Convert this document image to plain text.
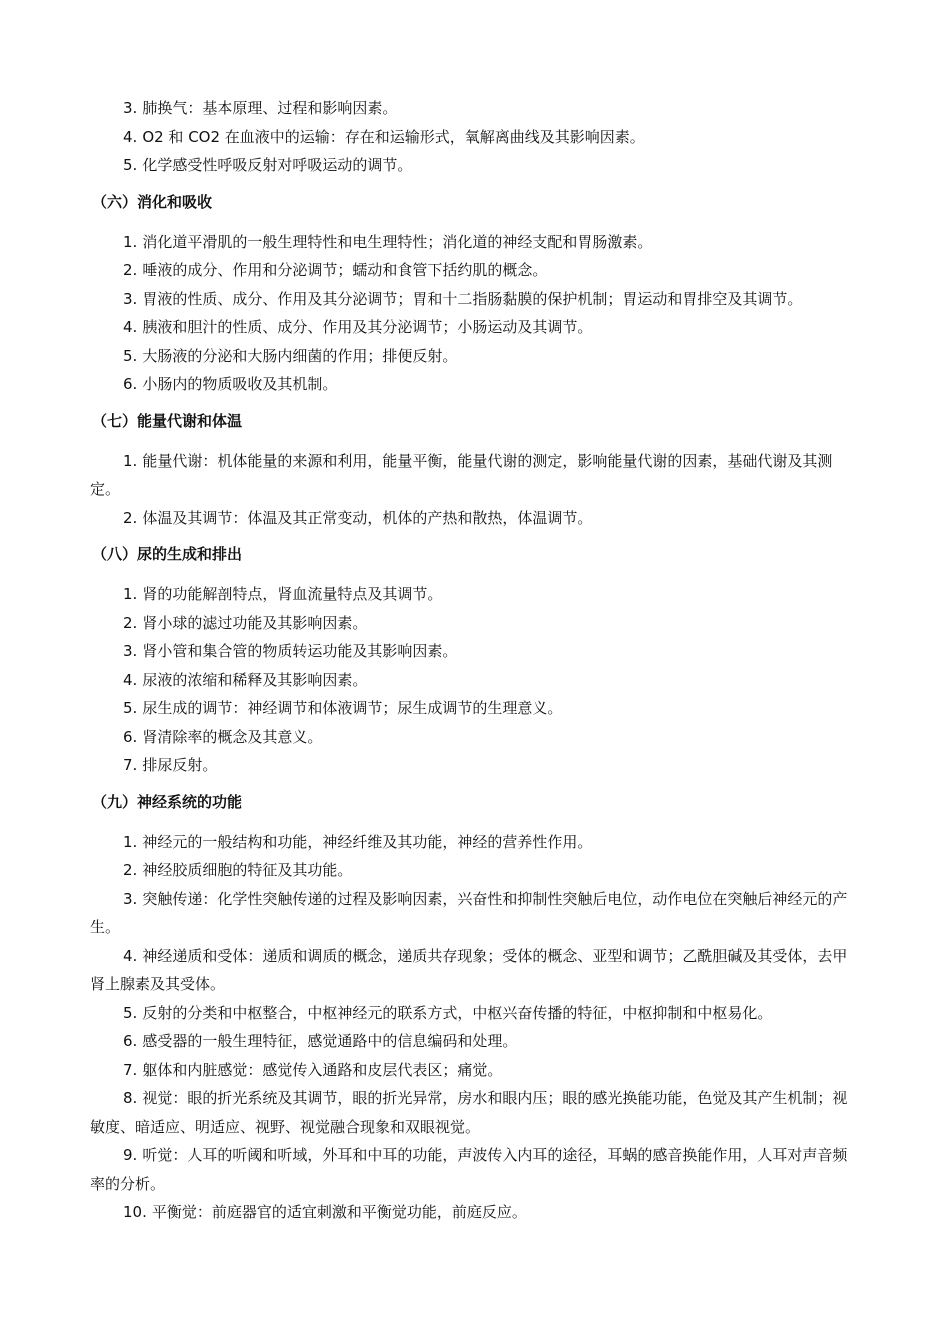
3. 肺换气：基本原理、过程和影响因素。

4. O2 和 CO2 在血液中的运输：存在和运输形式，氧解离曲线及其影响因素。

5. 化学感受性呼吸反射对呼吸运动的调节。

（六）消化和吸收

1. 消化道平滑肌的一般生理特性和电生理特性；消化道的神经支配和胃肠激素。

2. 唾液的成分、作用和分泌调节；蠕动和食管下括约肌的概念。

3. 胃液的性质、成分、作用及其分泌调节；胃和十二指肠黏膜的保护机制；胃运动和胃排空及其调节。

4. 胰液和胆汁的性质、成分、作用及其分泌调节；小肠运动及其调节。

5. 大肠液的分泌和大肠内细菌的作用；排便反射。

6. 小肠内的物质吸收及其机制。

（七）能量代谢和体温

1. 能量代谢：机体能量的来源和利用，能量平衡，能量代谢的测定，影响能量代谢的因素，基础代谢及其测定。

2. 体温及其调节：体温及其正常变动，机体的产热和散热，体温调节。

（八）尿的生成和排出

1. 肾的功能解剖特点，肾血流量特点及其调节。

2. 肾小球的滤过功能及其影响因素。

3. 肾小管和集合管的物质转运功能及其影响因素。

4. 尿液的浓缩和稀释及其影响因素。

5. 尿生成的调节：神经调节和体液调节；尿生成调节的生理意义。

6. 肾清除率的概念及其意义。

7. 排尿反射。

（九）神经系统的功能

1. 神经元的一般结构和功能，神经纤维及其功能，神经的营养性作用。

2. 神经胶质细胞的特征及其功能。

3. 突触传递：化学性突触传递的过程及影响因素，兴奋性和抑制性突触后电位，动作电位在突触后神经元的产生。

4. 神经递质和受体：递质和调质的概念，递质共存现象；受体的概念、亚型和调节；乙酰胆碱及其受体，去甲肾上腺素及其受体。

5. 反射的分类和中枢整合，中枢神经元的联系方式，中枢兴奋传播的特征，中枢抑制和中枢易化。

6. 感受器的一般生理特征，感觉通路中的信息编码和处理。

7. 躯体和内脏感觉：感觉传入通路和皮层代表区；痛觉。

8. 视觉：眼的折光系统及其调节，眼的折光异常，房水和眼内压；眼的感光换能功能，色觉及其产生机制；视敏度、暗适应、明适应、视野、视觉融合现象和双眼视觉。

9. 听觉：人耳的听阈和听域，外耳和中耳的功能，声波传入内耳的途径，耳蜗的感音换能作用，人耳对声音频率的分析。

10. 平衡觉：前庭器官的适宜刺激和平衡觉功能，前庭反应。
